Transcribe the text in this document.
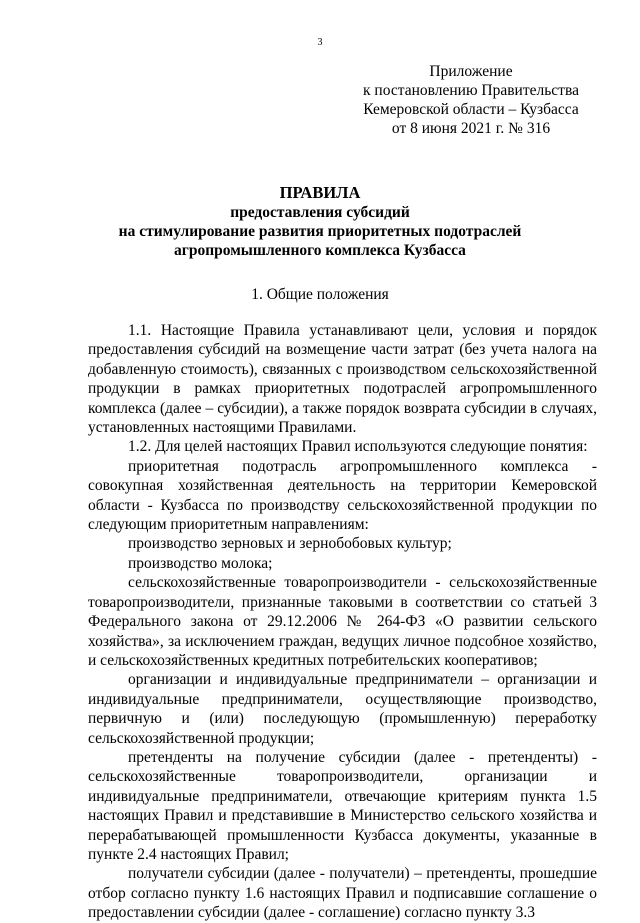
3
Приложение
к постановлению Правительства
Кемеровской области – Кузбасса
от 8 июня 2021 г. № 316
ПРАВИЛА
предоставления субсидий
на стимулирование развития приоритетных подотраслей
агропромышленного комплекса Кузбасса
1. Общие положения

1.1. Настоящие Правила устанавливают цели, условия и порядок предоставления субсидий на возмещение части затрат (без учета налога на добавленную стоимость), связанных с производством сельскохозяйственной продукции в рамках приоритетных подотраслей агропромышленного комплекса (далее – субсидии), а также порядок возврата субсидии в случаях, установленных настоящими Правилами.

1.2. Для целей настоящих Правил используются следующие понятия:

приоритетная подотрасль агропромышленного комплекса - совокупная хозяйственная деятельность на территории Кемеровской области - Кузбасса по производству сельскохозяйственной продукции по следующим приоритетным направлениям:

производство зерновых и зернобобовых культур;

производство молока;

сельскохозяйственные товаропроизводители - сельскохозяйственные товаропроизводители, признанные таковыми в соответствии со статьей 3 Федерального закона от 29.12.2006 № 264-ФЗ «О развитии сельского хозяйства», за исключением граждан, ведущих личное подсобное хозяйство, и сельскохозяйственных кредитных потребительских кооперативов;

организации и индивидуальные предприниматели – организации и индивидуальные предприниматели, осуществляющие производство, первичную и (или) последующую (промышленную) переработку сельскохозяйственной продукции;

претенденты на получение субсидии (далее - претенденты) - сельскохозяйственные товаропроизводители, организации и индивидуальные предприниматели, отвечающие критериям пункта 1.5 настоящих Правил и представившие в Министерство сельского хозяйства и перерабатывающей промышленности Кузбасса документы, указанные в пункте 2.4 настоящих Правил;

получатели субсидии (далее - получатели) – претенденты, прошедшие отбор согласно пункту 1.6 настоящих Правил и подписавшие соглашение о предоставлении субсидии (далее - соглашение) согласно пункту 3.3
